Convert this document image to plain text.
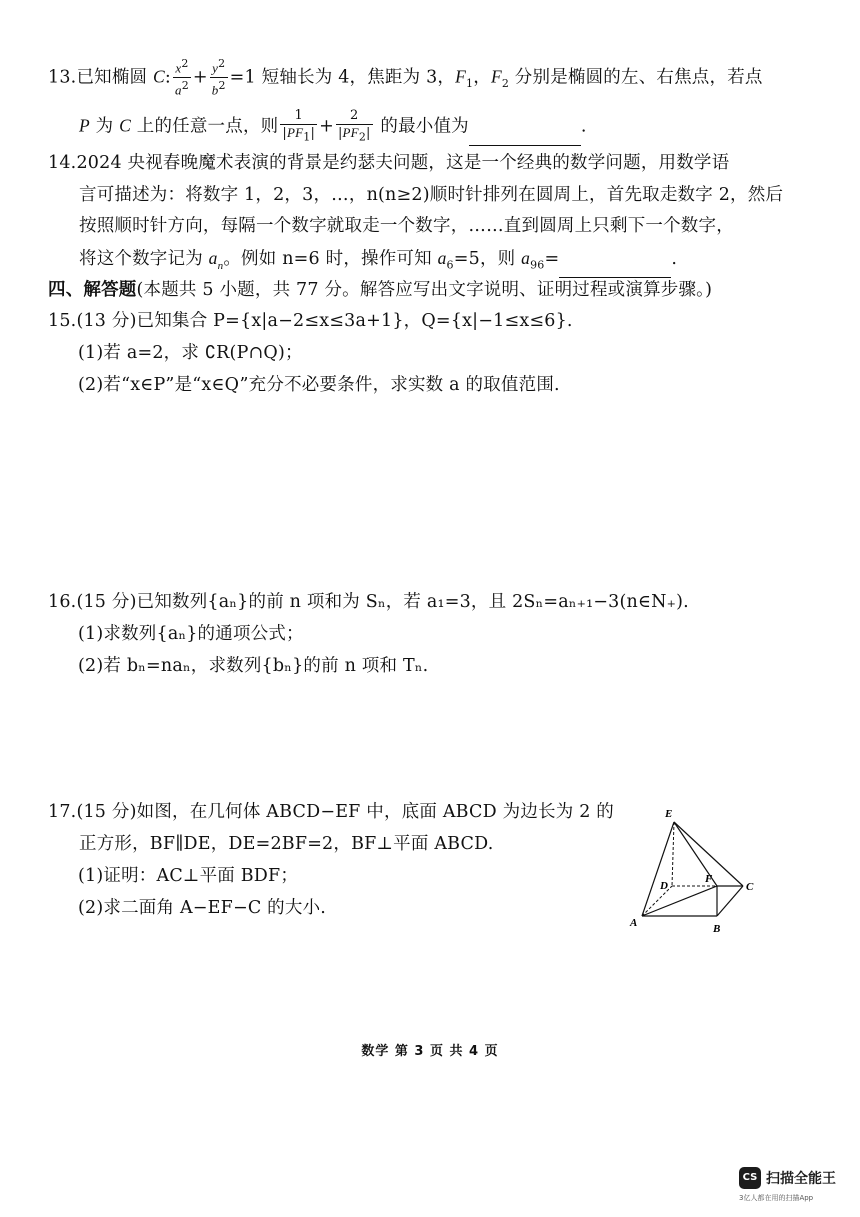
13.已知椭圆 C: $\frac{x^2}{a^2} + \frac{y^2}{b^2} =1$ 短轴长为 4，焦距为 3，$F_1$，$F_2$ 分别是椭圆的左、右焦点，若点
P 为 C 上的任意一点，则 $\frac{1}{|PF_1|} + \frac{2}{|PF_2|}$ 的最小值为	.
14.2024 央视春晚魔术表演的背景是约瑟夫问题，这是一个经典的数学问题，用数学语
言可描述为：将数字 1，2，3，…，n(n≥2)顺时针排列在圆周上，首先取走数字 2，然后
按照顺时针方向，每隔一个数字就取走一个数字，……直到圆周上只剩下一个数字，
将这个数字记为 $a_n$。例如 n=6 时，操作可知 $a_6=5$，则 $a_{96}=$	.
四、解答题(本题共 5 小题，共 77 分。解答应写出文字说明、证明过程或演算步骤。)
15.(13 分)已知集合 P={x|a−2≤x≤3a+1}，Q={x|−1≤x≤6}.
(1)若 a=2，求 ∁R(P∩Q)；
(2)若“x∈P”是“x∈Q”充分不必要条件，求实数 a 的取值范围.
16.(15 分)已知数列{aₙ}的前 n 项和为 Sₙ，若 a₁=3，且 2Sₙ=aₙ₊₁−3(n∈N₊).
(1)求数列{aₙ}的通项公式；
(2)若 bₙ=naₙ，求数列{bₙ}的前 n 项和 Tₙ.
17.(15 分)如图，在几何体 ABCD−EF 中，底面 ABCD 为边长为 2 的
正方形，BF∥DE，DE=2BF=2，BF⊥平面 ABCD.
(1)证明：AC⊥平面 BDF；
(2)求二面角 A−EF−C 的大小.
E
D
F
C
A	B
数学 第 3 页 共 4 页
CS 扫描全能王
3亿人都在用的扫描App
